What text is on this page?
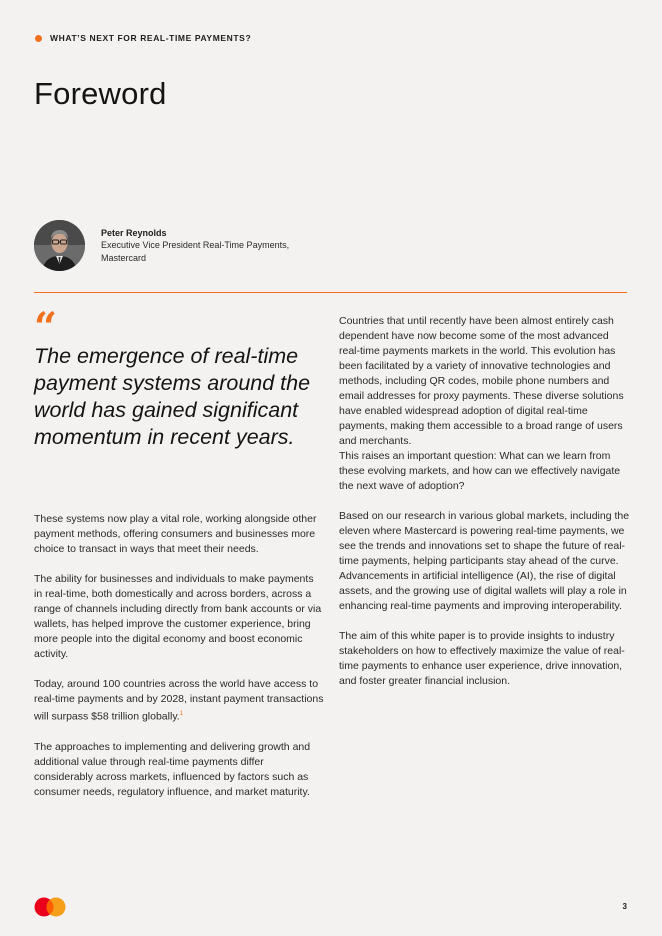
WHAT’S NEXT FOR REAL-TIME PAYMENTS?
Foreword
Peter Reynolds
Executive Vice President Real-Time Payments,
Mastercard
“
The emergence of real-time payment systems around the world has gained significant momentum in recent years.

These systems now play a vital role, working alongside other payment methods, offering consumers and businesses more choice to transact in ways that meet their needs.

The ability for businesses and individuals to make payments in real-time, both domestically and across borders, across a range of channels including directly from bank accounts or via wallets, has helped improve the customer experience, bring more people into the digital economy and boost economic activity.

Today, around 100 countries across the world have access to real-time payments and by 2028, instant payment transactions will surpass $58 trillion globally.$^1$

The approaches to implementing and delivering growth and additional value through real-time payments differ considerably across markets, influenced by factors such as consumer needs, regulatory influence, and market maturity.

Countries that until recently have been almost entirely cash dependent have now become some of the most advanced real-time payments markets in the world. This evolution has been facilitated by a variety of innovative technologies and methods, including QR codes, mobile phone numbers and email addresses for proxy payments. These diverse solutions have enabled widespread adoption of digital real-time payments, making them accessible to a broad range of users and merchants.

This raises an important question: What can we learn from these evolving markets, and how can we effectively navigate the next wave of adoption?

Based on our research in various global markets, including the eleven where Mastercard is powering real-time payments, we see the trends and innovations set to shape the future of real-time payments, helping participants stay ahead of the curve. Advancements in artificial intelligence (AI), the rise of digital assets, and the growing use of digital wallets will play a role in enhancing real-time payments and improving interoperability.

The aim of this white paper is to provide insights to industry stakeholders on how to effectively maximize the value of real-time payments to enhance user experience, drive innovation, and foster greater financial inclusion.

3
